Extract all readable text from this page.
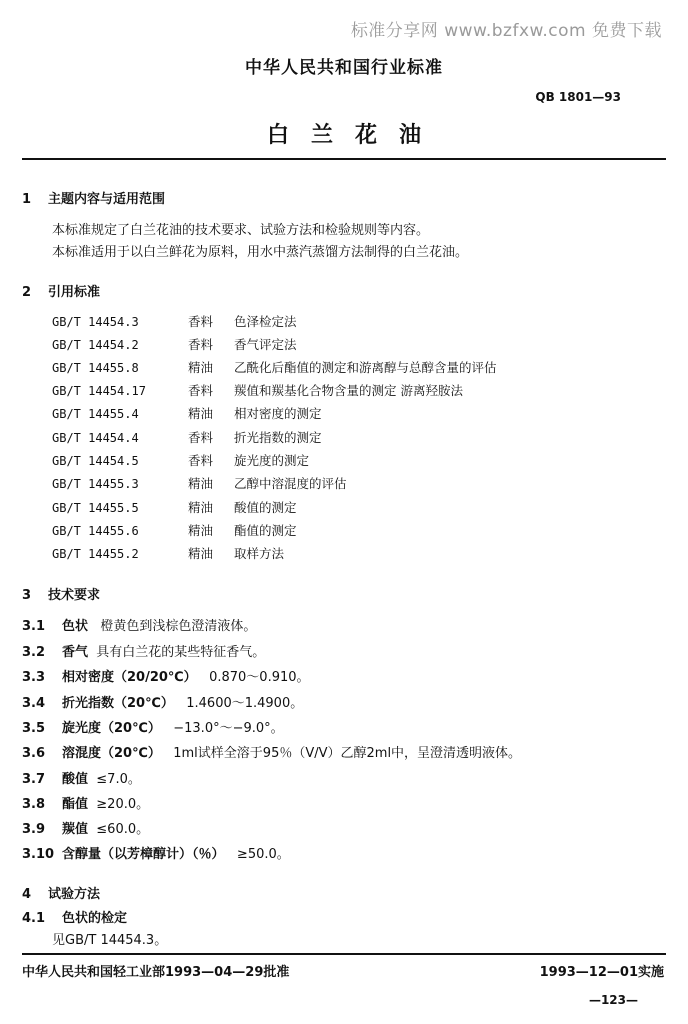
标准分享网 www.bzfxw.com 免费下载
中华人民共和国行业标准
QB 1801—93
白兰花油
1 主题内容与适用范围
本标准规定了白兰花油的技术要求、试验方法和检验规则等内容。
本标准适用于以白兰鲜花为原料，用水中蒸汽蒸馏方法制得的白兰花油。
2 引用标准
GB/T 14454.3	香料 色泽检定法
GB/T 14454.2	香料 香气评定法
GB/T 14455.8	精油 乙酰化后酯值的测定和游离醇与总醇含量的评估
GB/T 14454.17	香料 羰值和羰基化合物含量的测定 游离羟胺法
GB/T 14455.4	精油 相对密度的测定
GB/T 14454.4	香料 折光指数的测定
GB/T 14454.5	香料 旋光度的测定
GB/T 14455.3	精油 乙醇中溶混度的评估
GB/T 14455.5	精油 酸值的测定
GB/T 14455.6	精油 酯值的测定
GB/T 14455.2	精油 取样方法
3 技术要求
3.1 色状 橙黄色到浅棕色澄清液体。
3.2 香气 具有白兰花的某些特征香气。
3.3 相对密度（20/20℃） 0.870～0.910。
3.4 折光指数（20℃） 1.4600～1.4900。
3.5 旋光度（20℃） −13.0°～−9.0°。
3.6 溶混度（20℃） 1ml试样全溶于95％（V/V）乙醇2ml中，呈澄清透明液体。
3.7 酸值 ≤7.0。
3.8 酯值 ≥20.0。
3.9 羰值 ≤60.0。
3.10 含醇量（以芳樟醇计）（％） ≥50.0。
4 试验方法
4.1 色状的检定
见GB/T 14454.3。
中华人民共和国轻工业部1993—04—29批准	1993—12—01实施
—123—
